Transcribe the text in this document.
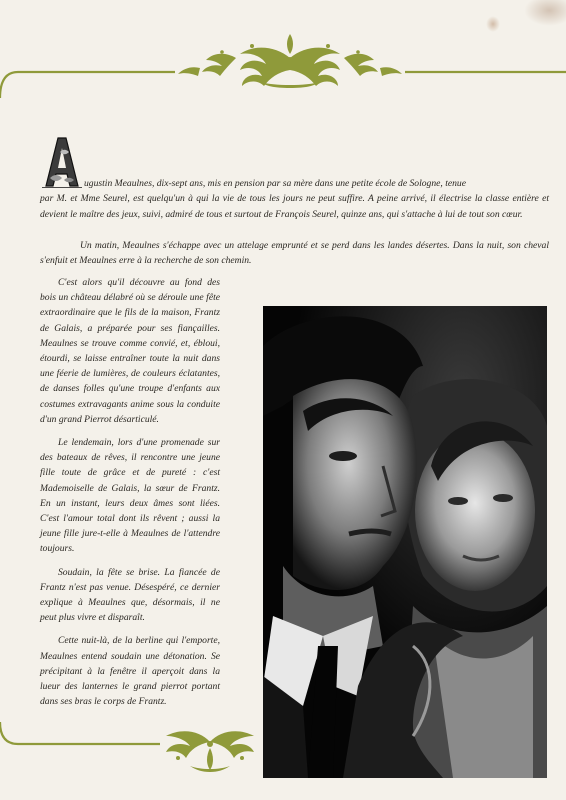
ugustin Meaulnes, dix-sept ans, mis en pension par sa mère dans une petite école de Sologne, tenue
par M. et Mme Seurel, est quelqu'un à qui la vie de tous les jours ne peut suffire. A peine arrivé, il électrise la classe entière et devient le maître des jeux, suivi, admiré de tous et surtout de François Seurel, quinze ans, qui s'attache à lui de tout son cœur.

Un matin, Meaulnes s'échappe avec un attelage emprunté et se perd dans les landes désertes. Dans la nuit, son cheval s'enfuit et Meaulnes erre à la recherche de son chemin.

C'est alors qu'il découvre au fond des bois un château délabré où se déroule une fête extraordinaire que le fils de la maison, Frantz de Galais, a préparée pour ses fiançailles. Meaulnes se trouve comme convié, et, ébloui, étourdi, se laisse entraîner toute la nuit dans une féerie de lumières, de couleurs éclatantes, de danses folles qu'une troupe d'enfants aux costumes extravagants anime sous la conduite d'un grand Pierrot désarticulé.

Le lendemain, lors d'une promenade sur des bateaux de rêves, il rencontre une jeune fille toute de grâce et de pureté : c'est Mademoiselle de Galais, la sœur de Frantz. En un instant, leurs deux âmes sont liées. C'est l'amour total dont ils rêvent ; aussi la jeune fille jure-t-elle à Meaulnes de l'attendre toujours.

Soudain, la fête se brise. La fiancée de Frantz n'est pas venue. Désespéré, ce dernier explique à Meaulnes que, désormais, il ne peut plus vivre et disparaît.

Cette nuit-là, de la berline qui l'emporte, Meaulnes entend soudain une détonation. Se précipitant à la fenêtre il aperçoit dans la lueur des lanternes le grand pierrot portant dans ses bras le corps de Frantz.
